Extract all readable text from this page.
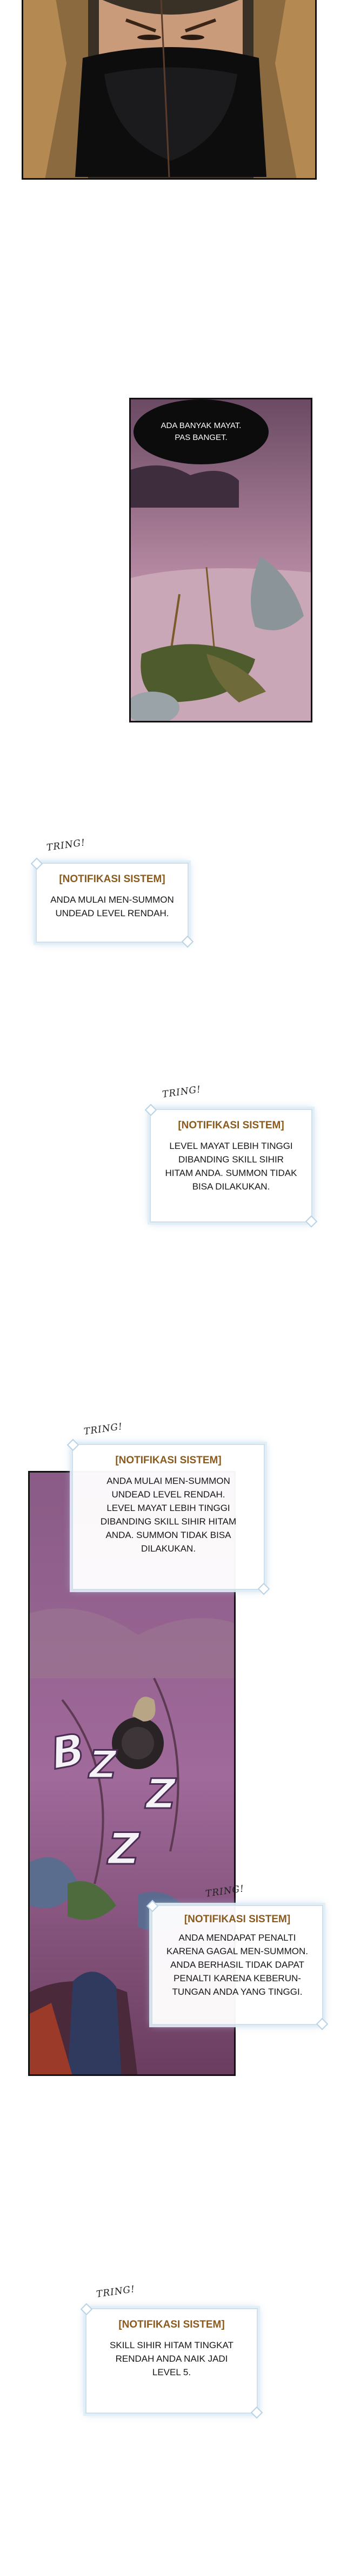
ADA BANYAK MAYAT.
PAS BANGET.
TRING!
[NOTIFIKASI SISTEM]
ANDA MULAI MEN-SUMMON
UNDEAD LEVEL RENDAH.
TRING!
[NOTIFIKASI SISTEM]
LEVEL MAYAT LEBIH TINGGI
DIBANDING SKILL SIHIR
HITAM ANDA. SUMMON TIDAK
BISA DILAKUKAN.
TRING!
[NOTIFIKASI SISTEM]
ANDA MULAI MEN-SUMMON
UNDEAD LEVEL RENDAH.
LEVEL MAYAT LEBIH TINGGI
DIBANDING SKILL SIHIR HITAM
ANDA. SUMMON TIDAK BISA
DILAKUKAN.
B Z
Z
Z
TRING!
[NOTIFIKASI SISTEM]
ANDA MENDAPAT PENALTI
KARENA GAGAL MEN-SUMMON.
ANDA BERHASIL TIDAK DAPAT
PENALTI KARENA KEBERUN-
TUNGAN ANDA YANG TINGGI.
TRING!
[NOTIFIKASI SISTEM]
SKILL SIHIR HITAM TINGKAT
RENDAH ANDA NAIK JADI
LEVEL 5.
